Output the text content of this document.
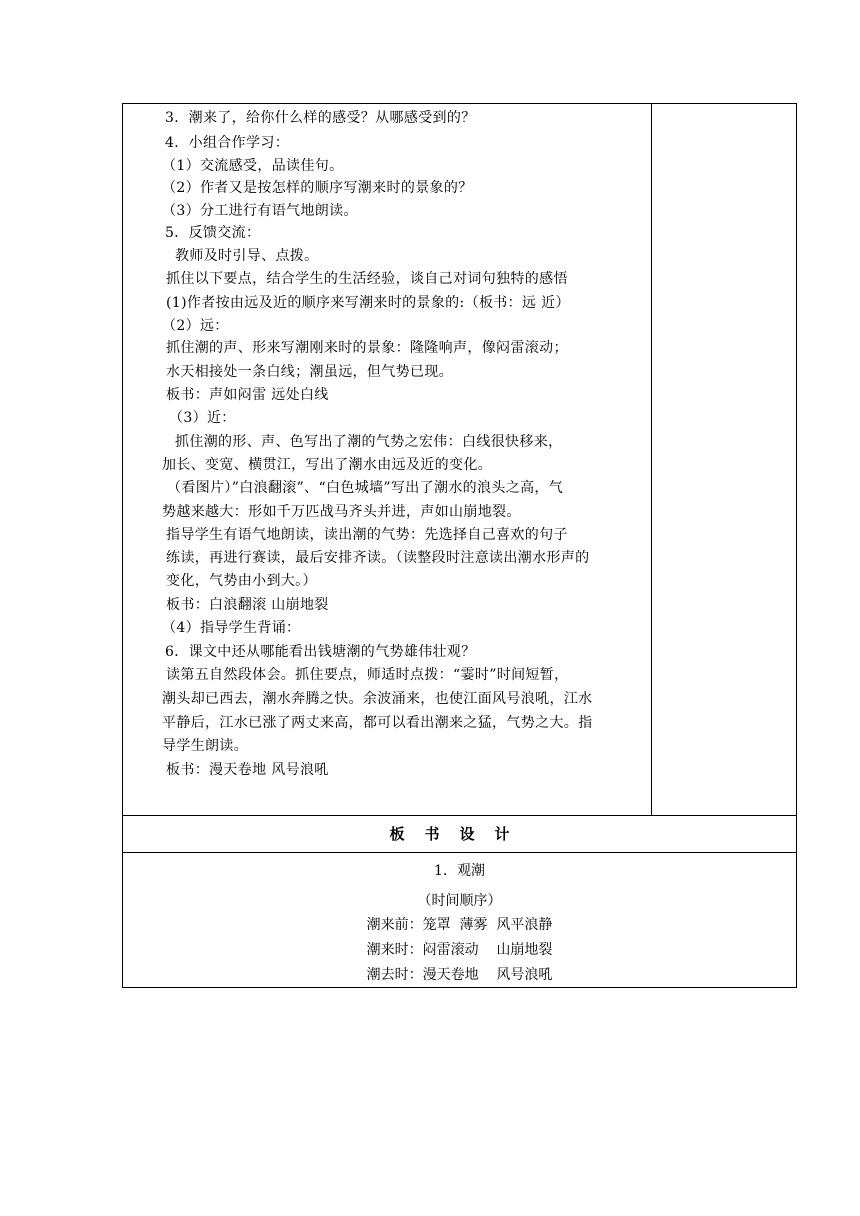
3．潮来了，给你什么样的感受？从哪感受到的？
4．小组合作学习：
（1）交流感受，品读佳句。
（2）作者又是按怎样的顺序写潮来时的景象的？
（3）分工进行有语气地朗读。
5．反馈交流：
教师及时引导、点拨。
抓住以下要点，结合学生的生活经验，谈自己对词句独特的感悟
(1)作者按由远及近的顺序来写潮来时的景象的:（板书：远 近）
（2）远：
抓住潮的声、形来写潮刚来时的景象：隆隆响声，像闷雷滚动；
水天相接处一条白线；潮虽远，但气势已现。
板书：声如闷雷 远处白线
（3）近：
抓住潮的形、声、色写出了潮的气势之宏伟：白线很快移来，
加长、变宽、横贯江，写出了潮水由远及近的变化。
（看图片）”白浪翻滚”、“白色城墙”写出了潮水的浪头之高，气
势越来越大：形如千万匹战马齐头并进，声如山崩地裂。
指导学生有语气地朗读，读出潮的气势：先选择自己喜欢的句子
练读，再进行赛读，最后安排齐读。（读整段时注意读出潮水形声的
变化，气势由小到大。）
板书：白浪翻滚 山崩地裂
（4）指导学生背诵：
6．课文中还从哪能看出钱塘潮的气势雄伟壮观？
读第五自然段体会。抓住要点，师适时点拨：“霎时”时间短暂，
潮头却已西去，潮水奔腾之快。余波涌来，也使江面风号浪吼，江水
平静后，江水已涨了两丈来高，都可以看出潮来之猛，气势之大。指
导学生朗读。
板书：漫天卷地 风号浪吼
板书设计
1．观潮
（时间顺序）
潮来前：笼罩  薄雾  风平浪静
潮来时：闷雷滚动    山崩地裂
潮去时：漫天卷地    风号浪吼
